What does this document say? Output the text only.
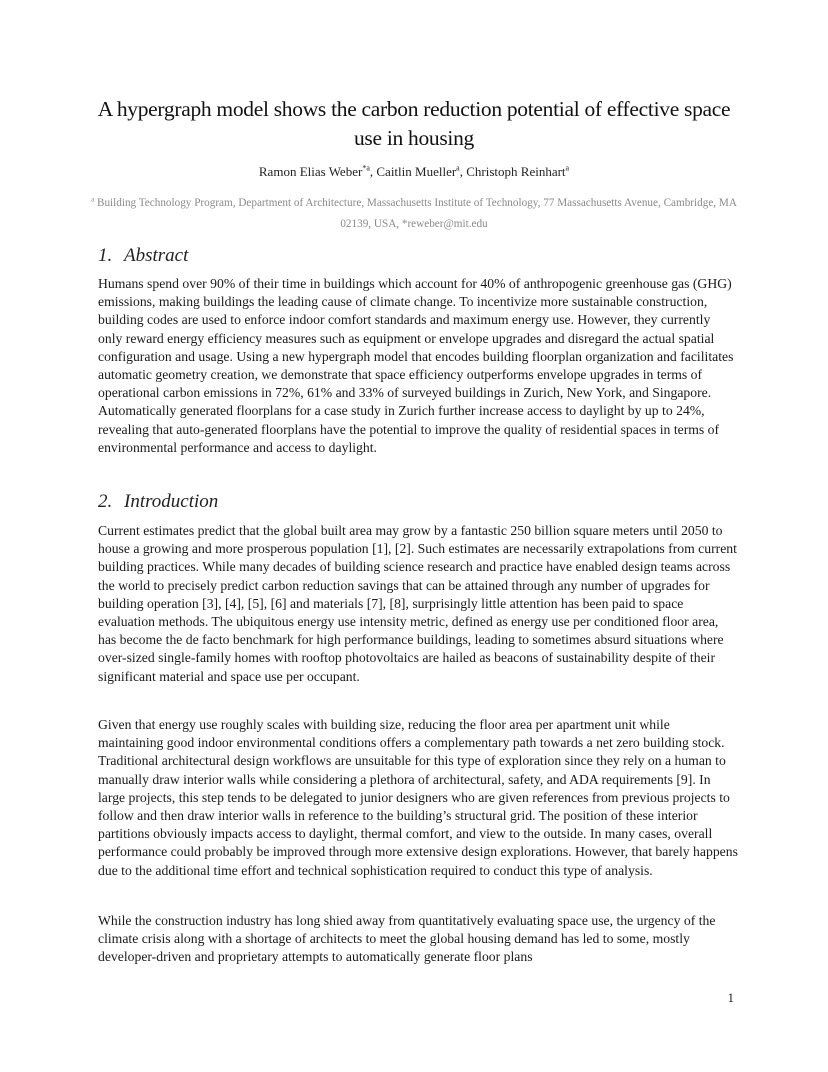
A hypergraph model shows the carbon reduction potential of effective space use in housing
Ramon Elias Weber$^{*a}$, Caitlin Mueller$^a$, Christoph Reinhart$^a$
$^a$ Building Technology Program, Department of Architecture, Massachusetts Institute of Technology, 77 Massachusetts Avenue, Cambridge, MA 02139, USA, *reweber@mit.edu
1. Abstract
Humans spend over 90% of their time in buildings which account for 40% of anthropogenic greenhouse gas (GHG) emissions, making buildings the leading cause of climate change. To incentivize more sustainable construction, building codes are used to enforce indoor comfort standards and maximum energy use. However, they currently only reward energy efficiency measures such as equipment or envelope upgrades and disregard the actual spatial configuration and usage. Using a new hypergraph model that encodes building floorplan organization and facilitates automatic geometry creation, we demonstrate that space efficiency outperforms envelope upgrades in terms of operational carbon emissions in 72%, 61% and 33% of surveyed buildings in Zurich, New York, and Singapore. Automatically generated floorplans for a case study in Zurich further increase access to daylight by up to 24%, revealing that auto-generated floorplans have the potential to improve the quality of residential spaces in terms of environmental performance and access to daylight.
2. Introduction
Current estimates predict that the global built area may grow by a fantastic 250 billion square meters until 2050 to house a growing and more prosperous population [1], [2]. Such estimates are necessarily extrapolations from current building practices. While many decades of building science research and practice have enabled design teams across the world to precisely predict carbon reduction savings that can be attained through any number of upgrades for building operation [3], [4], [5], [6] and materials [7], [8], surprisingly little attention has been paid to space evaluation methods. The ubiquitous energy use intensity metric, defined as energy use per conditioned floor area, has become the de facto benchmark for high performance buildings, leading to sometimes absurd situations where over-sized single-family homes with rooftop photovoltaics are hailed as beacons of sustainability despite of their significant material and space use per occupant.
Given that energy use roughly scales with building size, reducing the floor area per apartment unit while maintaining good indoor environmental conditions offers a complementary path towards a net zero building stock. Traditional architectural design workflows are unsuitable for this type of exploration since they rely on a human to manually draw interior walls while considering a plethora of architectural, safety, and ADA requirements [9]. In large projects, this step tends to be delegated to junior designers who are given references from previous projects to follow and then draw interior walls in reference to the building’s structural grid. The position of these interior partitions obviously impacts access to daylight, thermal comfort, and view to the outside. In many cases, overall performance could probably be improved through more extensive design explorations. However, that barely happens due to the additional time effort and technical sophistication required to conduct this type of analysis.
While the construction industry has long shied away from quantitatively evaluating space use, the urgency of the climate crisis along with a shortage of architects to meet the global housing demand has led to some, mostly developer-driven and proprietary attempts to automatically generate floor plans
1
